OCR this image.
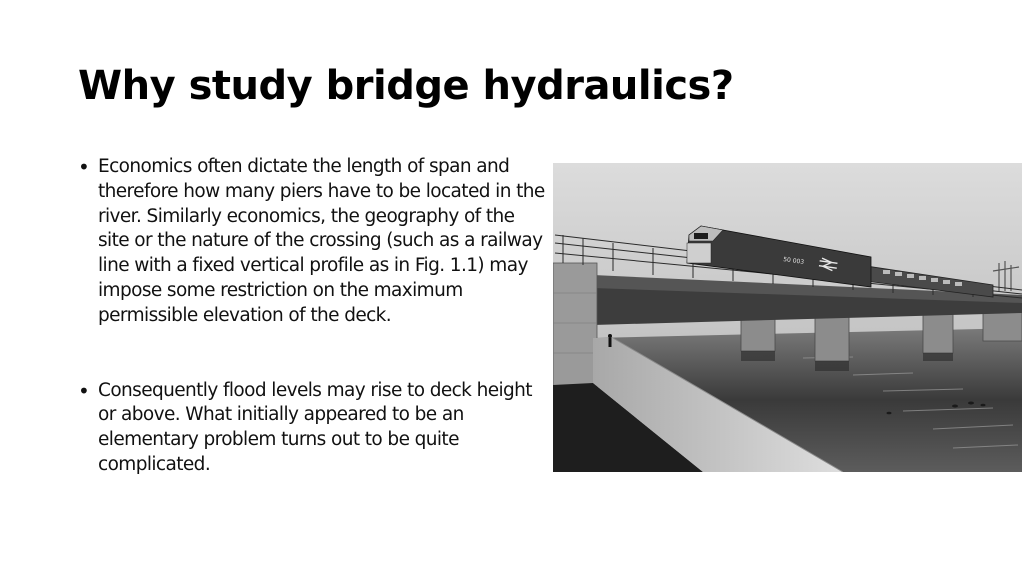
Why study bridge hydraulics?
• Economics often dictate the length of span and therefore how many piers have to be located in the river. Similarly economics, the geography of the site or the nature of the crossing (such as a railway line with a fixed vertical profile as in Fig. 1.1) may impose some restriction on the maximum permissible elevation of the deck.
• Consequently flood levels may rise to deck height or above. What initially appeared to be an elementary problem turns out to be quite complicated.
50 003
